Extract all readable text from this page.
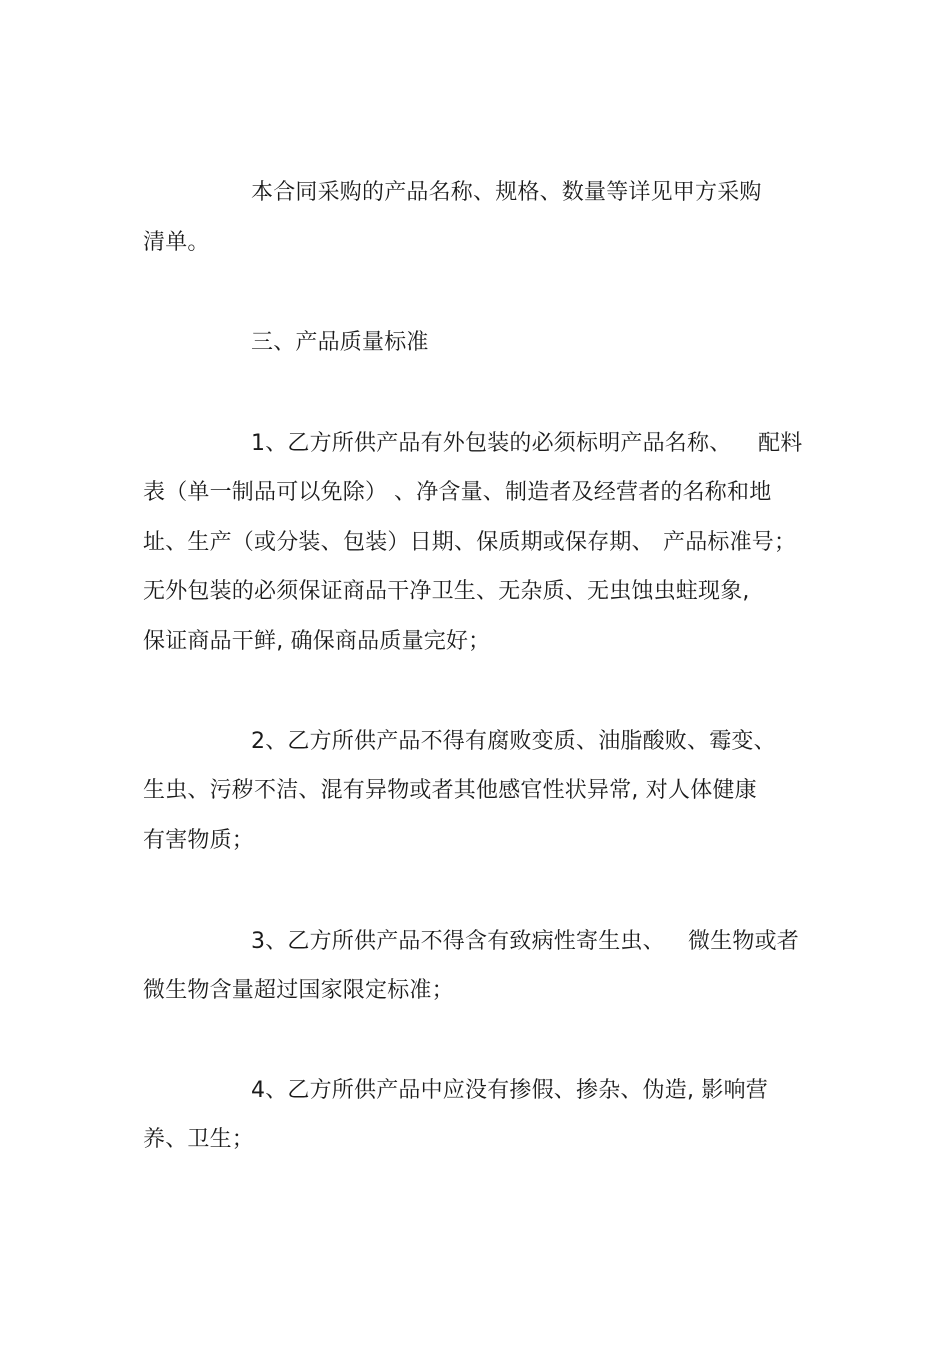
本合同采购的产品名称、规格、数量等详见甲方采购
清单。
三、产品质量标准
1、乙方所供产品有外包装的必须标明产品名称、 配料
表（单一制品可以免除） 、净含量、制造者及经营者的名称和地
址、生产（或分装、 包装）日期、保质期或保存期、 产品标准号；
无外包装的必须保证商品干净卫生、无杂质、无虫蚀虫蛀现象,
保证商品干鲜, 确保商品质量完好；
2、乙方所供产品不得有腐败变质、油脂酸败、霉变、
生虫、污秽不洁、混有异物或者其他感官性状异常, 对人体健康
有害物质；
3、乙方所供产品不得含有致病性寄生虫、 微生物或者
微生物含量超过国家限定标准；
4、乙方所供产品中应没有掺假、掺杂、伪造, 影响营
养、卫生；
